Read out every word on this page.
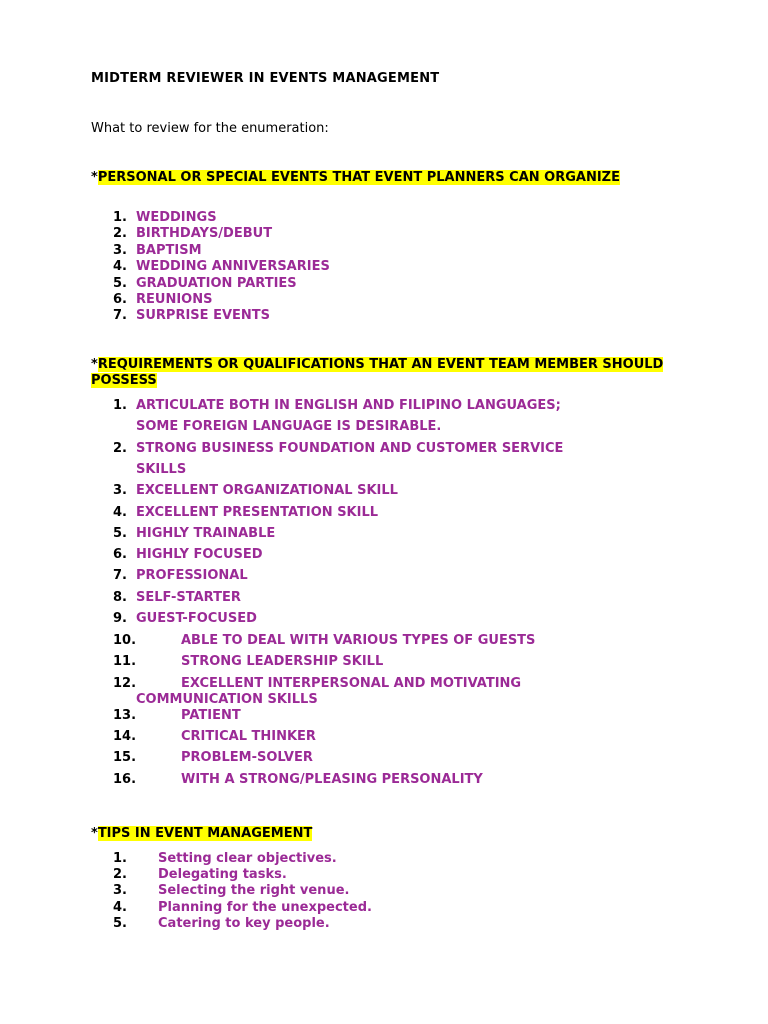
MIDTERM REVIEWER IN EVENTS MANAGEMENT
What to review for the enumeration:
*PERSONAL OR SPECIAL EVENTS THAT EVENT PLANNERS CAN ORGANIZE
1. WEDDINGS
2. BIRTHDAYS/DEBUT
3. BAPTISM
4. WEDDING ANNIVERSARIES
5. GRADUATION PARTIES
6. REUNIONS
7. SURPRISE EVENTS
*REQUIREMENTS OR QUALIFICATIONS THAT AN EVENT TEAM MEMBER SHOULD POSSESS
1. ARTICULATE BOTH IN ENGLISH AND FILIPINO LANGUAGES;
SOME FOREIGN LANGUAGE IS DESIRABLE.
2. STRONG BUSINESS FOUNDATION AND CUSTOMER SERVICE
SKILLS
3. EXCELLENT ORGANIZATIONAL SKILL
4. EXCELLENT PRESENTATION SKILL
5. HIGHLY TRAINABLE
6. HIGHLY FOCUSED
7. PROFESSIONAL
8. SELF-STARTER
9. GUEST-FOCUSED
10.	ABLE TO DEAL WITH VARIOUS TYPES OF GUESTS
11.	STRONG LEADERSHIP SKILL
12.	EXCELLENT INTERPERSONAL AND MOTIVATING
COMMUNICATION SKILLS
13.	PATIENT
14.	CRITICAL THINKER
15.	PROBLEM-SOLVER
16.	WITH A STRONG/PLEASING PERSONALITY
*TIPS IN EVENT MANAGEMENT
1. Setting clear objectives.
2. Delegating tasks.
3. Selecting the right venue.
4. Planning for the unexpected.
5. Catering to key people.
